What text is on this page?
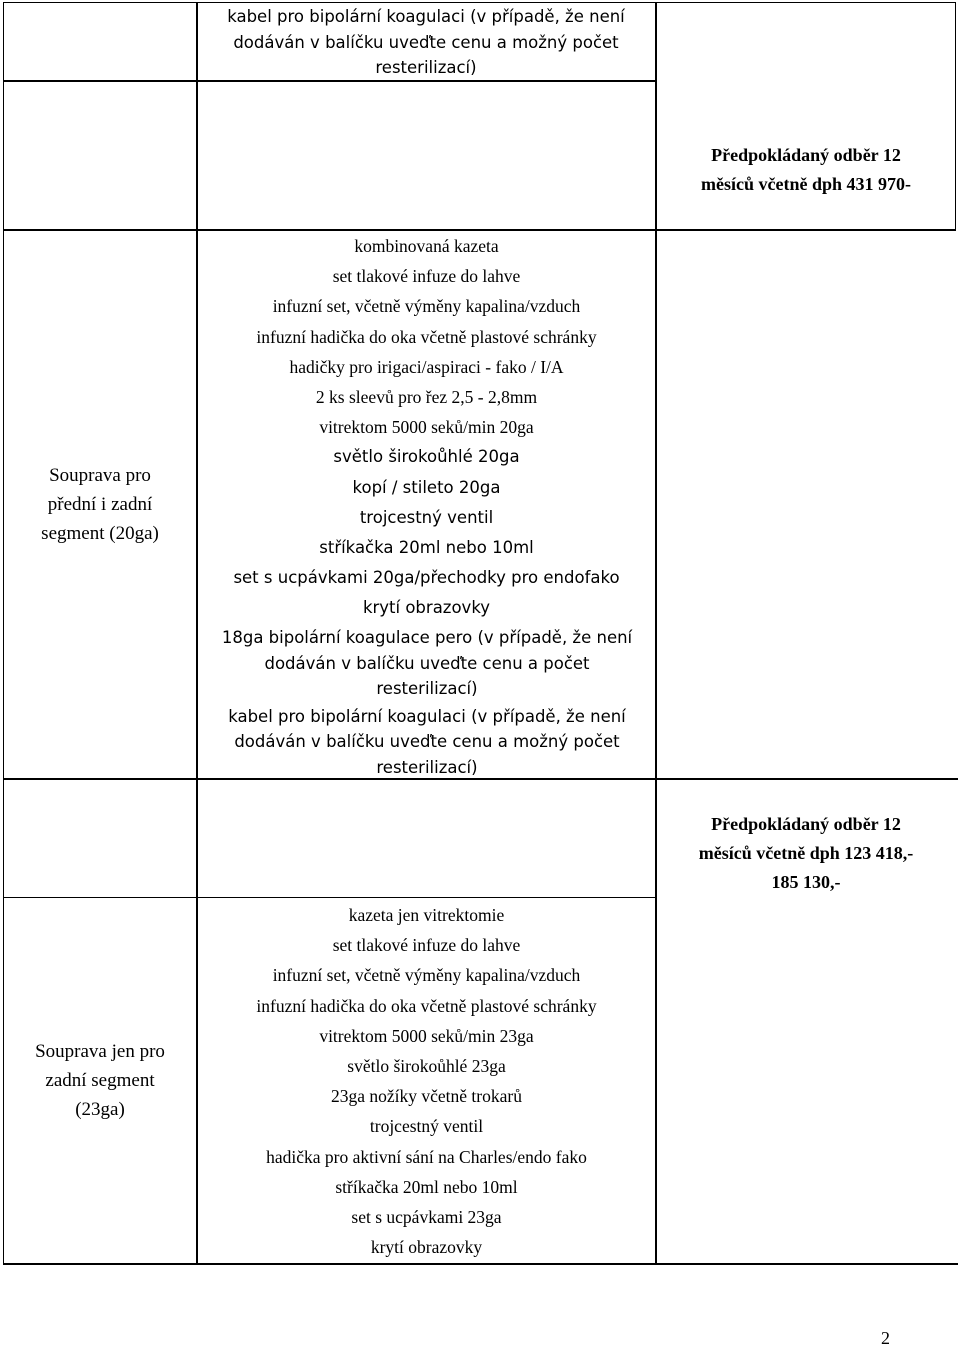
kabel pro bipolární koagulaci (v případě, že není dodáván v balíčku uveďte cenu a možný počet resterilizací)
Předpokládaný odběr 12
měsíců včetně dph 431 970-
Souprava pro
přední i zadní
segment (20ga)
kombinovaná kazeta
set tlakové infuze do lahve
infuzní set, včetně výměny kapalina/vzduch
infuzní hadička do oka včetně plastové schránky
hadičky pro irigaci/aspiraci - fako / I/A
2 ks sleevů pro řez 2,5 - 2,8mm
vitrektom 5000 seků/min 20ga
světlo širokoůhlé 20ga
kopí / stileto 20ga
trojcestný ventil
stříkačka 20ml nebo 10ml
set s ucpávkami 20ga/přechodky pro endofako
krytí obrazovky
18ga bipolární koagulace pero (v případě, že není dodáván v balíčku uveďte cenu a počet resterilizací)
kabel pro bipolární koagulaci (v případě, že není dodáván v balíčku uveďte cenu a možný počet resterilizací)
Předpokládaný odběr 12
měsíců včetně dph 123 418,-
185 130,-
Souprava jen pro
zadní segment
(23ga)
kazeta jen vitrektomie
set tlakové infuze do lahve
infuzní set, včetně výměny kapalina/vzduch
infuzní hadička do oka včetně plastové schránky
vitrektom 5000 seků/min 23ga
světlo širokoůhlé 23ga
23ga nožíky včetně trokarů
trojcestný ventil
hadička pro aktivní sání na Charles/endo fako
stříkačka 20ml nebo 10ml
set s ucpávkami 23ga
krytí obrazovky
2
